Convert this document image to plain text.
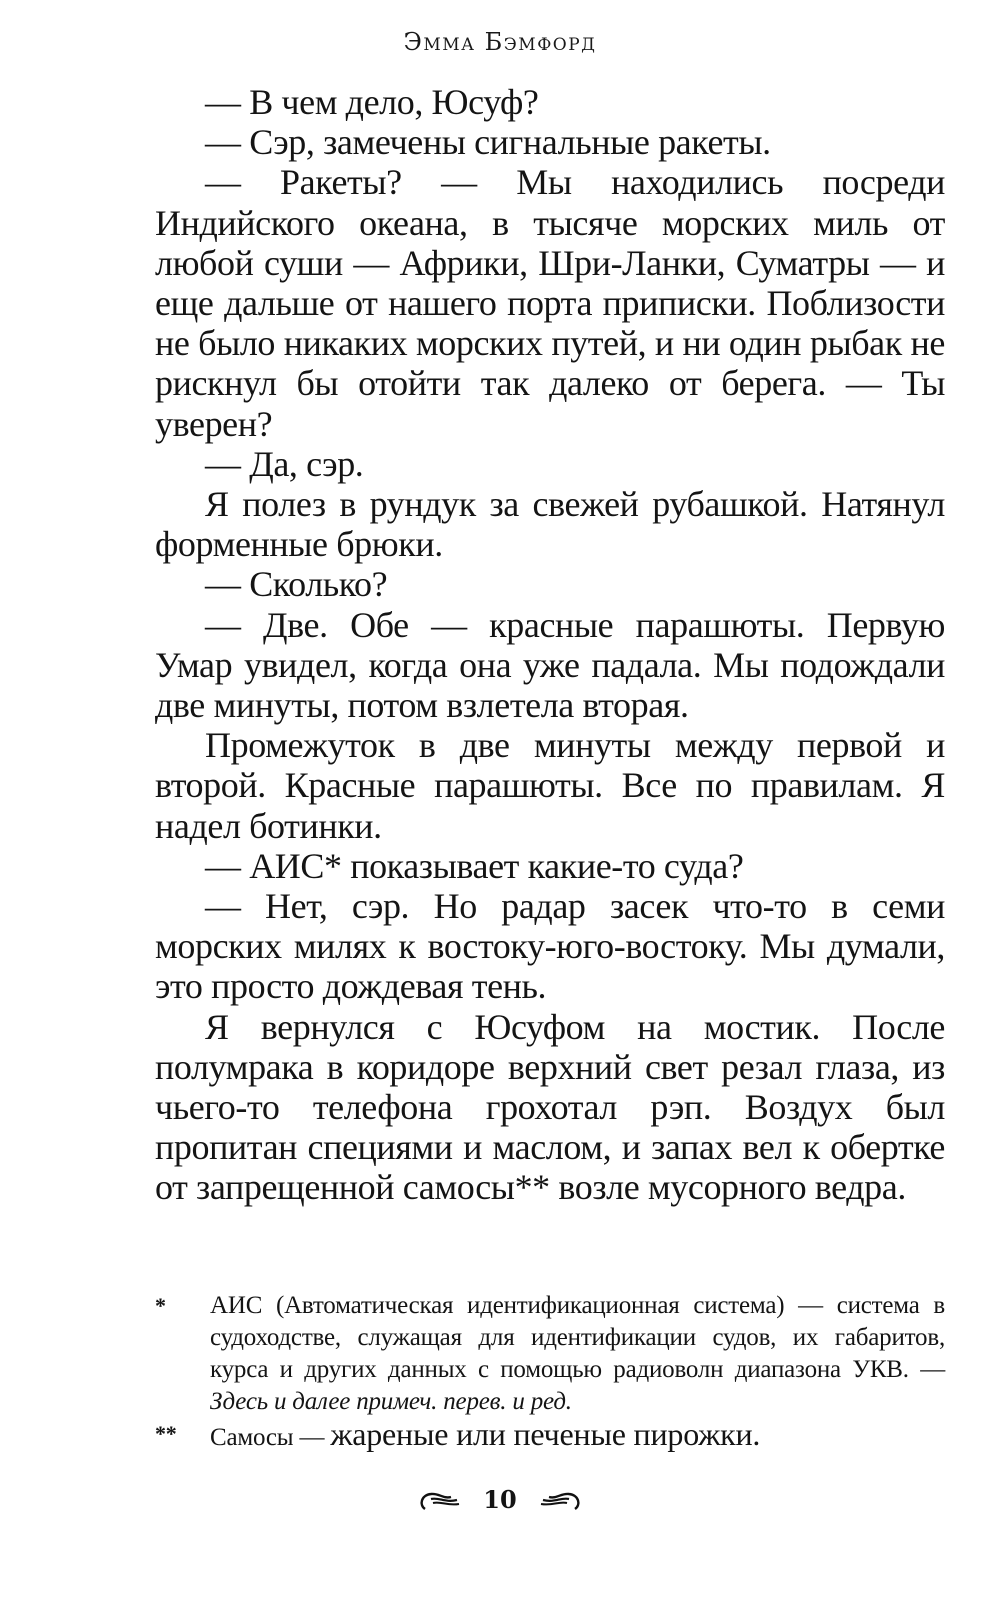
Эмма Бэмфорд

— В чем дело, Юсуф?

— Сэр, замечены сигнальные ракеты.

— Ракеты? — Мы находились посреди Индийского океана, в тысяче морских миль от любой суши — Африки, Шри-Ланки, Суматры — и еще дальше от нашего порта приписки. Поблизости не было никаких морских путей, и ни один рыбак не рискнул бы отойти так далеко от берега. — Ты уверен?

— Да, сэр.

Я полез в рундук за свежей рубашкой. Натянул форменные брюки.

— Сколько?

— Две. Обе — красные парашюты. Первую Умар увидел, когда она уже падала. Мы подождали две минуты, потом взлетела вторая.

Промежуток в две минуты между первой и второй. Красные парашюты. Все по правилам. Я надел ботинки.

— АИС* показывает какие-то суда?

— Нет, сэр. Но радар засек что-то в семи морских милях к востоку-юго-востоку. Мы думали, это просто дождевая тень.

Я вернулся с Юсуфом на мостик. После полумрака в коридоре верхний свет резал глаза, из чьего-то телефона грохотал рэп. Воздух был пропитан специями и маслом, и запах вел к обертке от запрещенной самосы** возле мусорного ведра.

* АИС (Автоматическая идентификационная система) — система в судоходстве, служащая для идентификации судов, их габаритов, курса и других данных с помощью радиоволн диапазона УКВ. — Здесь и далее примеч. перев. и ред.
** Самосы — жареные или печеные пирожки.
10
